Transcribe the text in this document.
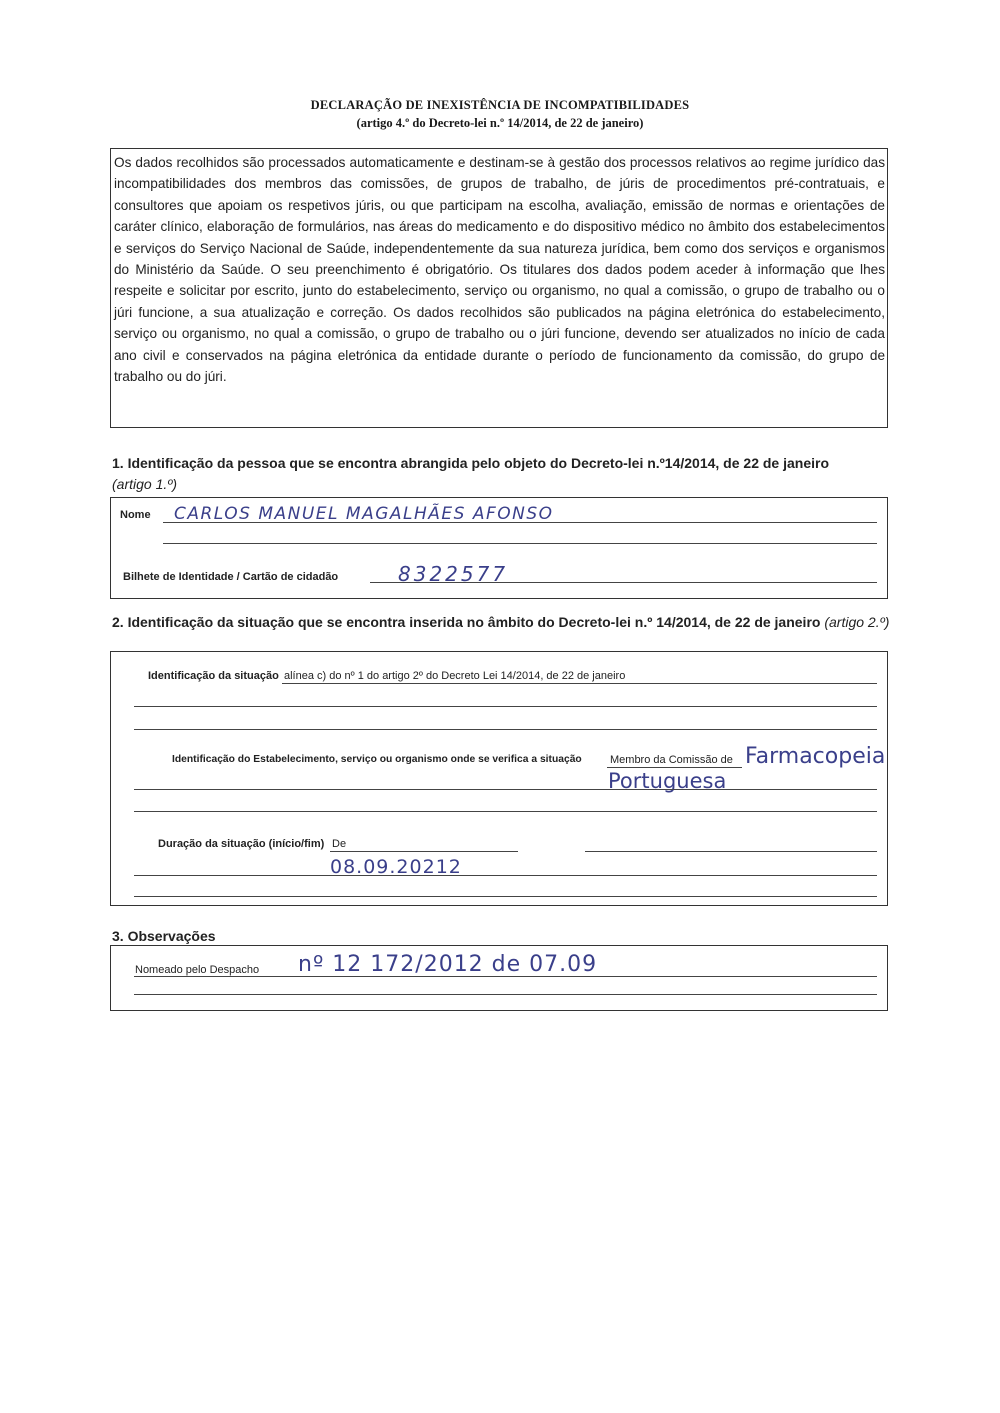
DECLARAÇÃO DE INEXISTÊNCIA DE INCOMPATIBILIDADES
(artigo 4.º do Decreto-lei n.º 14/2014, de 22 de janeiro)

Os dados recolhidos são processados automaticamente e destinam-se à gestão dos processos relativos ao regime jurídico das incompatibilidades dos membros das comissões, de grupos de trabalho, de júris de procedimentos pré-contratuais, e consultores que apoiam os respetivos júris, ou que participam na escolha, avaliação, emissão de normas e orientações de caráter clínico, elaboração de formulários, nas áreas do medicamento e do dispositivo médico no âmbito dos estabelecimentos e serviços do Serviço Nacional de Saúde, independentemente da sua natureza jurídica, bem como dos serviços e organismos do Ministério da Saúde. O seu preenchimento é obrigatório. Os titulares dos dados podem aceder à informação que lhes respeite e solicitar por escrito, junto do estabelecimento, serviço ou organismo, no qual a comissão, o grupo de trabalho ou o júri funcione, a sua atualização e correção. Os dados recolhidos são publicados na página eletrónica do estabelecimento, serviço ou organismo, no qual a comissão, o grupo de trabalho ou o júri funcione, devendo ser atualizados no início de cada ano civil e conservados na página eletrónica da entidade durante o período de funcionamento da comissão, do grupo de trabalho ou do júri.

1. Identificação da pessoa que se encontra abrangida pelo objeto do Decreto-lei n.º14/2014, de 22 de janeiro
(artigo 1.º)
Nome CARLOS MANUEL MAGALHÃES AFONSO
Bilhete de Identidade / Cartão de cidadão	8322577
2. Identificação da situação que se encontra inserida no âmbito do Decreto-lei n.º 14/2014, de 22 de janeiro (artigo 2.º)
Identificação da situação alínea c) do nº 1 do artigo 2º do Decreto Lei 14/2014, de 22 de janeiro
Identificação do Estabelecimento, serviço ou organismo onde se verifica a situação	Membro da Comissão de Farmacopeia
Portuguesa
Duração da situação (início/fim) De
08.09.20212
3. Observações
Nomeado pelo Despacho nº 12 172/2012 de 07.09
